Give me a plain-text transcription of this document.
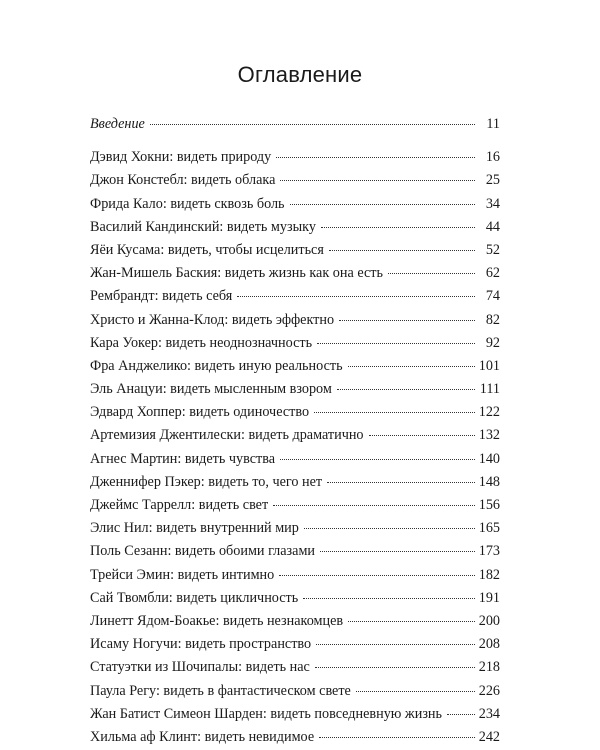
Оглавление
Введение	11
Дэвид Хокни: видеть природу	16
Джон Констебл: видеть облака	25
Фрида Кало: видеть сквозь боль	34
Василий Кандинский: видеть музыку	44
Яёи Кусама: видеть, чтобы исцелиться	52
Жан-Мишель Баския: видеть жизнь как она есть	62
Рембрандт: видеть себя	74
Христо и Жанна-Клод: видеть эффектно	82
Кара Уокер: видеть неоднозначность	92
Фра Анджелико: видеть иную реальность	101
Эль Анацуи: видеть мысленным взором	111
Эдвард Хоппер: видеть одиночество	122
Артемизия Джентилески: видеть драматично	132
Агнес Мартин: видеть чувства	140
Дженнифер Пэкер: видеть то, чего нет	148
Джеймс Таррелл: видеть свет	156
Элис Нил: видеть внутренний мир	165
Поль Сезанн: видеть обоими глазами	173
Трейси Эмин: видеть интимно	182
Сай Твомбли: видеть цикличность	191
Линетт Ядом-Боакье: видеть незнакомцев	200
Исаму Ногучи: видеть пространство	208
Статуэтки из Шочипалы: видеть нас	218
Паула Регу: видеть в фантастическом свете	226
Жан Батист Симеон Шарден: видеть повседневную жизнь	234
Хильма аф Клинт: видеть невидимое	242
